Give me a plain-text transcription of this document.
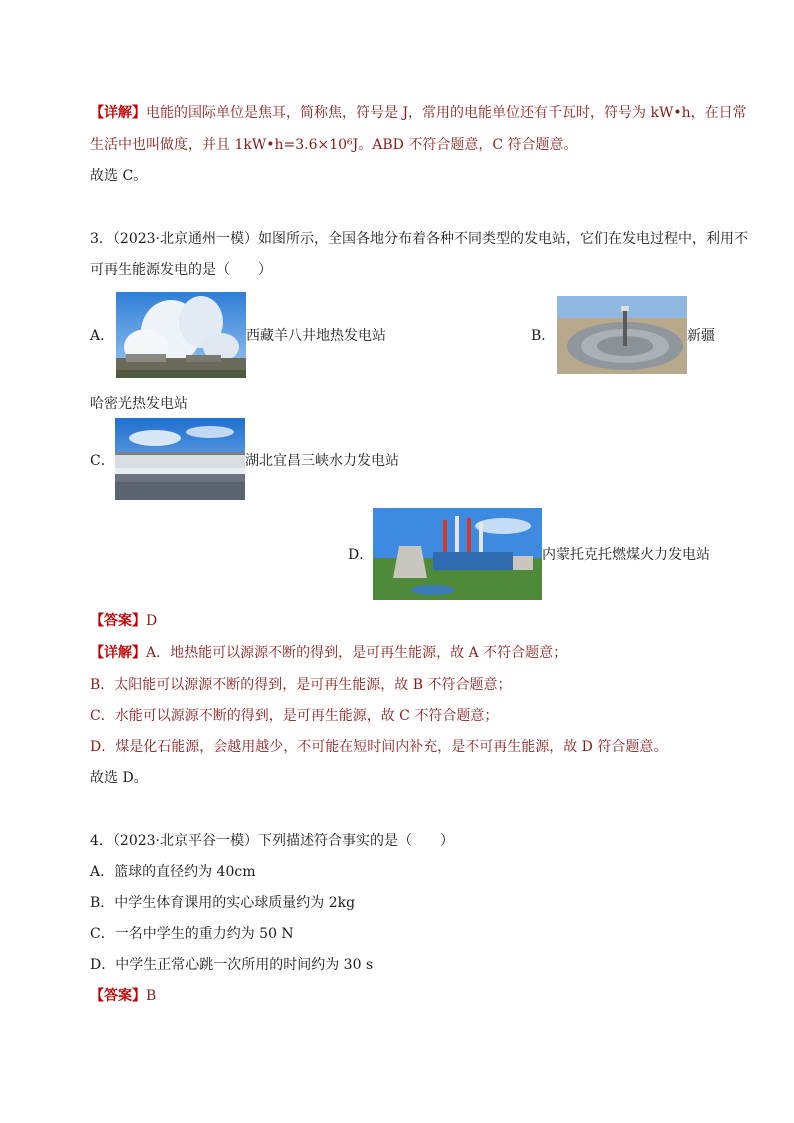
【详解】电能的国际单位是焦耳，简称焦，符号是 J，常用的电能单位还有千瓦时，符号为 kW•h，在日常
生活中也叫做度，并且 1kW•h=3.6×10⁶J。ABD 不符合题意，C 符合题意。
故选 C。
3．（2023·北京通州一模）如图所示，全国各地分布着各种不同类型的发电站，它们在发电过程中，利用不
可再生能源发电的是（　　）
A．	西藏羊八井地热发电站	B．	新疆
哈密光热发电站
C．	湖北宜昌三峡水力发电站
D．	内蒙托克托燃煤火力发电站
【答案】D
【详解】A．地热能可以源源不断的得到，是可再生能源，故 A 不符合题意；
B．太阳能可以源源不断的得到，是可再生能源，故 B 不符合题意；
C．水能可以源源不断的得到，是可再生能源，故 C 不符合题意；
D．煤是化石能源，会越用越少，不可能在短时间内补充，是不可再生能源，故 D 符合题意。
故选 D。
4．（2023·北京平谷一模）下列描述符合事实的是（　　）
A．篮球的直径约为 40cm
B．中学生体育课用的实心球质量约为 2kg
C．一名中学生的重力约为 50 N
D．中学生正常心跳一次所用的时间约为 30 s
【答案】B
